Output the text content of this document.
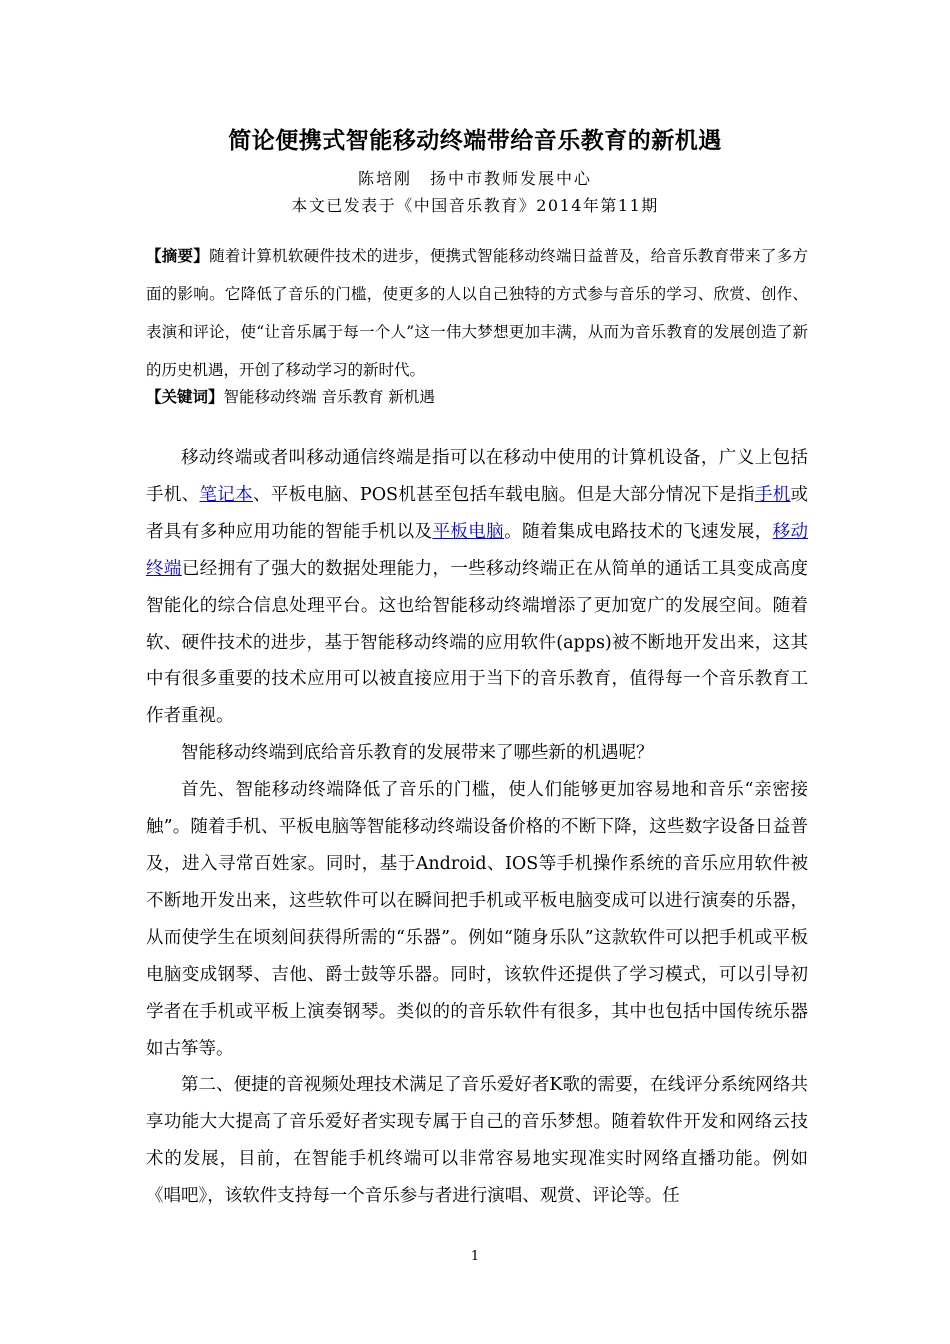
简论便携式智能移动终端带给音乐教育的新机遇
陈培刚　扬中市教师发展中心
本文已发表于《中国音乐教育》2014年第11期
【摘要】随着计算机软硬件技术的进步，便携式智能移动终端日益普及，给音乐教育带来了多方面的影响。它降低了音乐的门槛，使更多的人以自己独特的方式参与音乐的学习、欣赏、创作、表演和评论，使“让音乐属于每一个人”这一伟大梦想更加丰满，从而为音乐教育的发展创造了新的历史机遇，开创了移动学习的新时代。
【关键词】智能移动终端 音乐教育 新机遇

移动终端或者叫移动通信终端是指可以在移动中使用的计算机设备，广义上包括手机、笔记本、平板电脑、POS机甚至包括车载电脑。但是大部分情况下是指手机或者具有多种应用功能的智能手机以及平板电脑。随着集成电路技术的飞速发展，移动终端已经拥有了强大的数据处理能力，一些移动终端正在从简单的通话工具变成高度智能化的综合信息处理平台。这也给智能移动终端增添了更加宽广的发展空间。随着软、硬件技术的进步，基于智能移动终端的应用软件(apps)被不断地开发出来，这其中有很多重要的技术应用可以被直接应用于当下的音乐教育，值得每一个音乐教育工作者重视。

智能移动终端到底给音乐教育的发展带来了哪些新的机遇呢？

首先、智能移动终端降低了音乐的门槛，使人们能够更加容易地和音乐“亲密接触”。随着手机、平板电脑等智能移动终端设备价格的不断下降，这些数字设备日益普及，进入寻常百姓家。同时，基于Android、IOS等手机操作系统的音乐应用软件被不断地开发出来，这些软件可以在瞬间把手机或平板电脑变成可以进行演奏的乐器，从而使学生在顷刻间获得所需的“乐器”。例如“随身乐队”这款软件可以把手机或平板电脑变成钢琴、吉他、爵士鼓等乐器。同时，该软件还提供了学习模式，可以引导初学者在手机或平板上演奏钢琴。类似的的音乐软件有很多，其中也包括中国传统乐器如古筝等。

第二、便捷的音视频处理技术满足了音乐爱好者K歌的需要，在线评分系统网络共享功能大大提高了音乐爱好者实现专属于自己的音乐梦想。随着软件开发和网络云技术的发展，目前，在智能手机终端可以非常容易地实现准实时网络直播功能。例如《唱吧》，该软件支持每一个音乐参与者进行演唱、观赏、评论等。任

1
